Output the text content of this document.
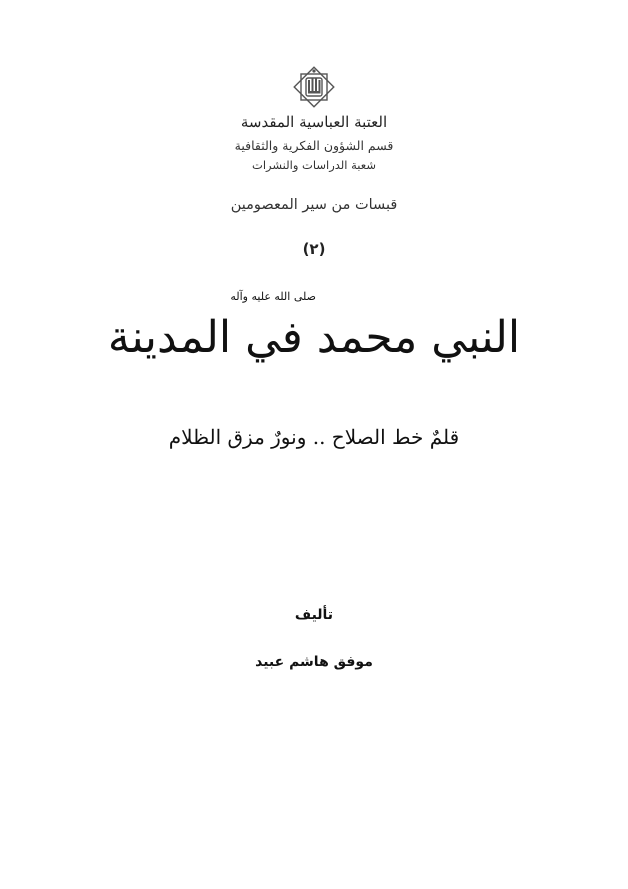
العتبة العباسية المقدسة
قسم الشؤون الفكرية والثقافية
شعبة الدراسات والنشرات
قبسات من سير المعصومين
(٢)
صلى الله عليه وآله
النبي محمد في المدينة
قلمٌ خط الصلاح .. ونورٌ مزق الظلام
تأليف
موفق هاشم عبيد
